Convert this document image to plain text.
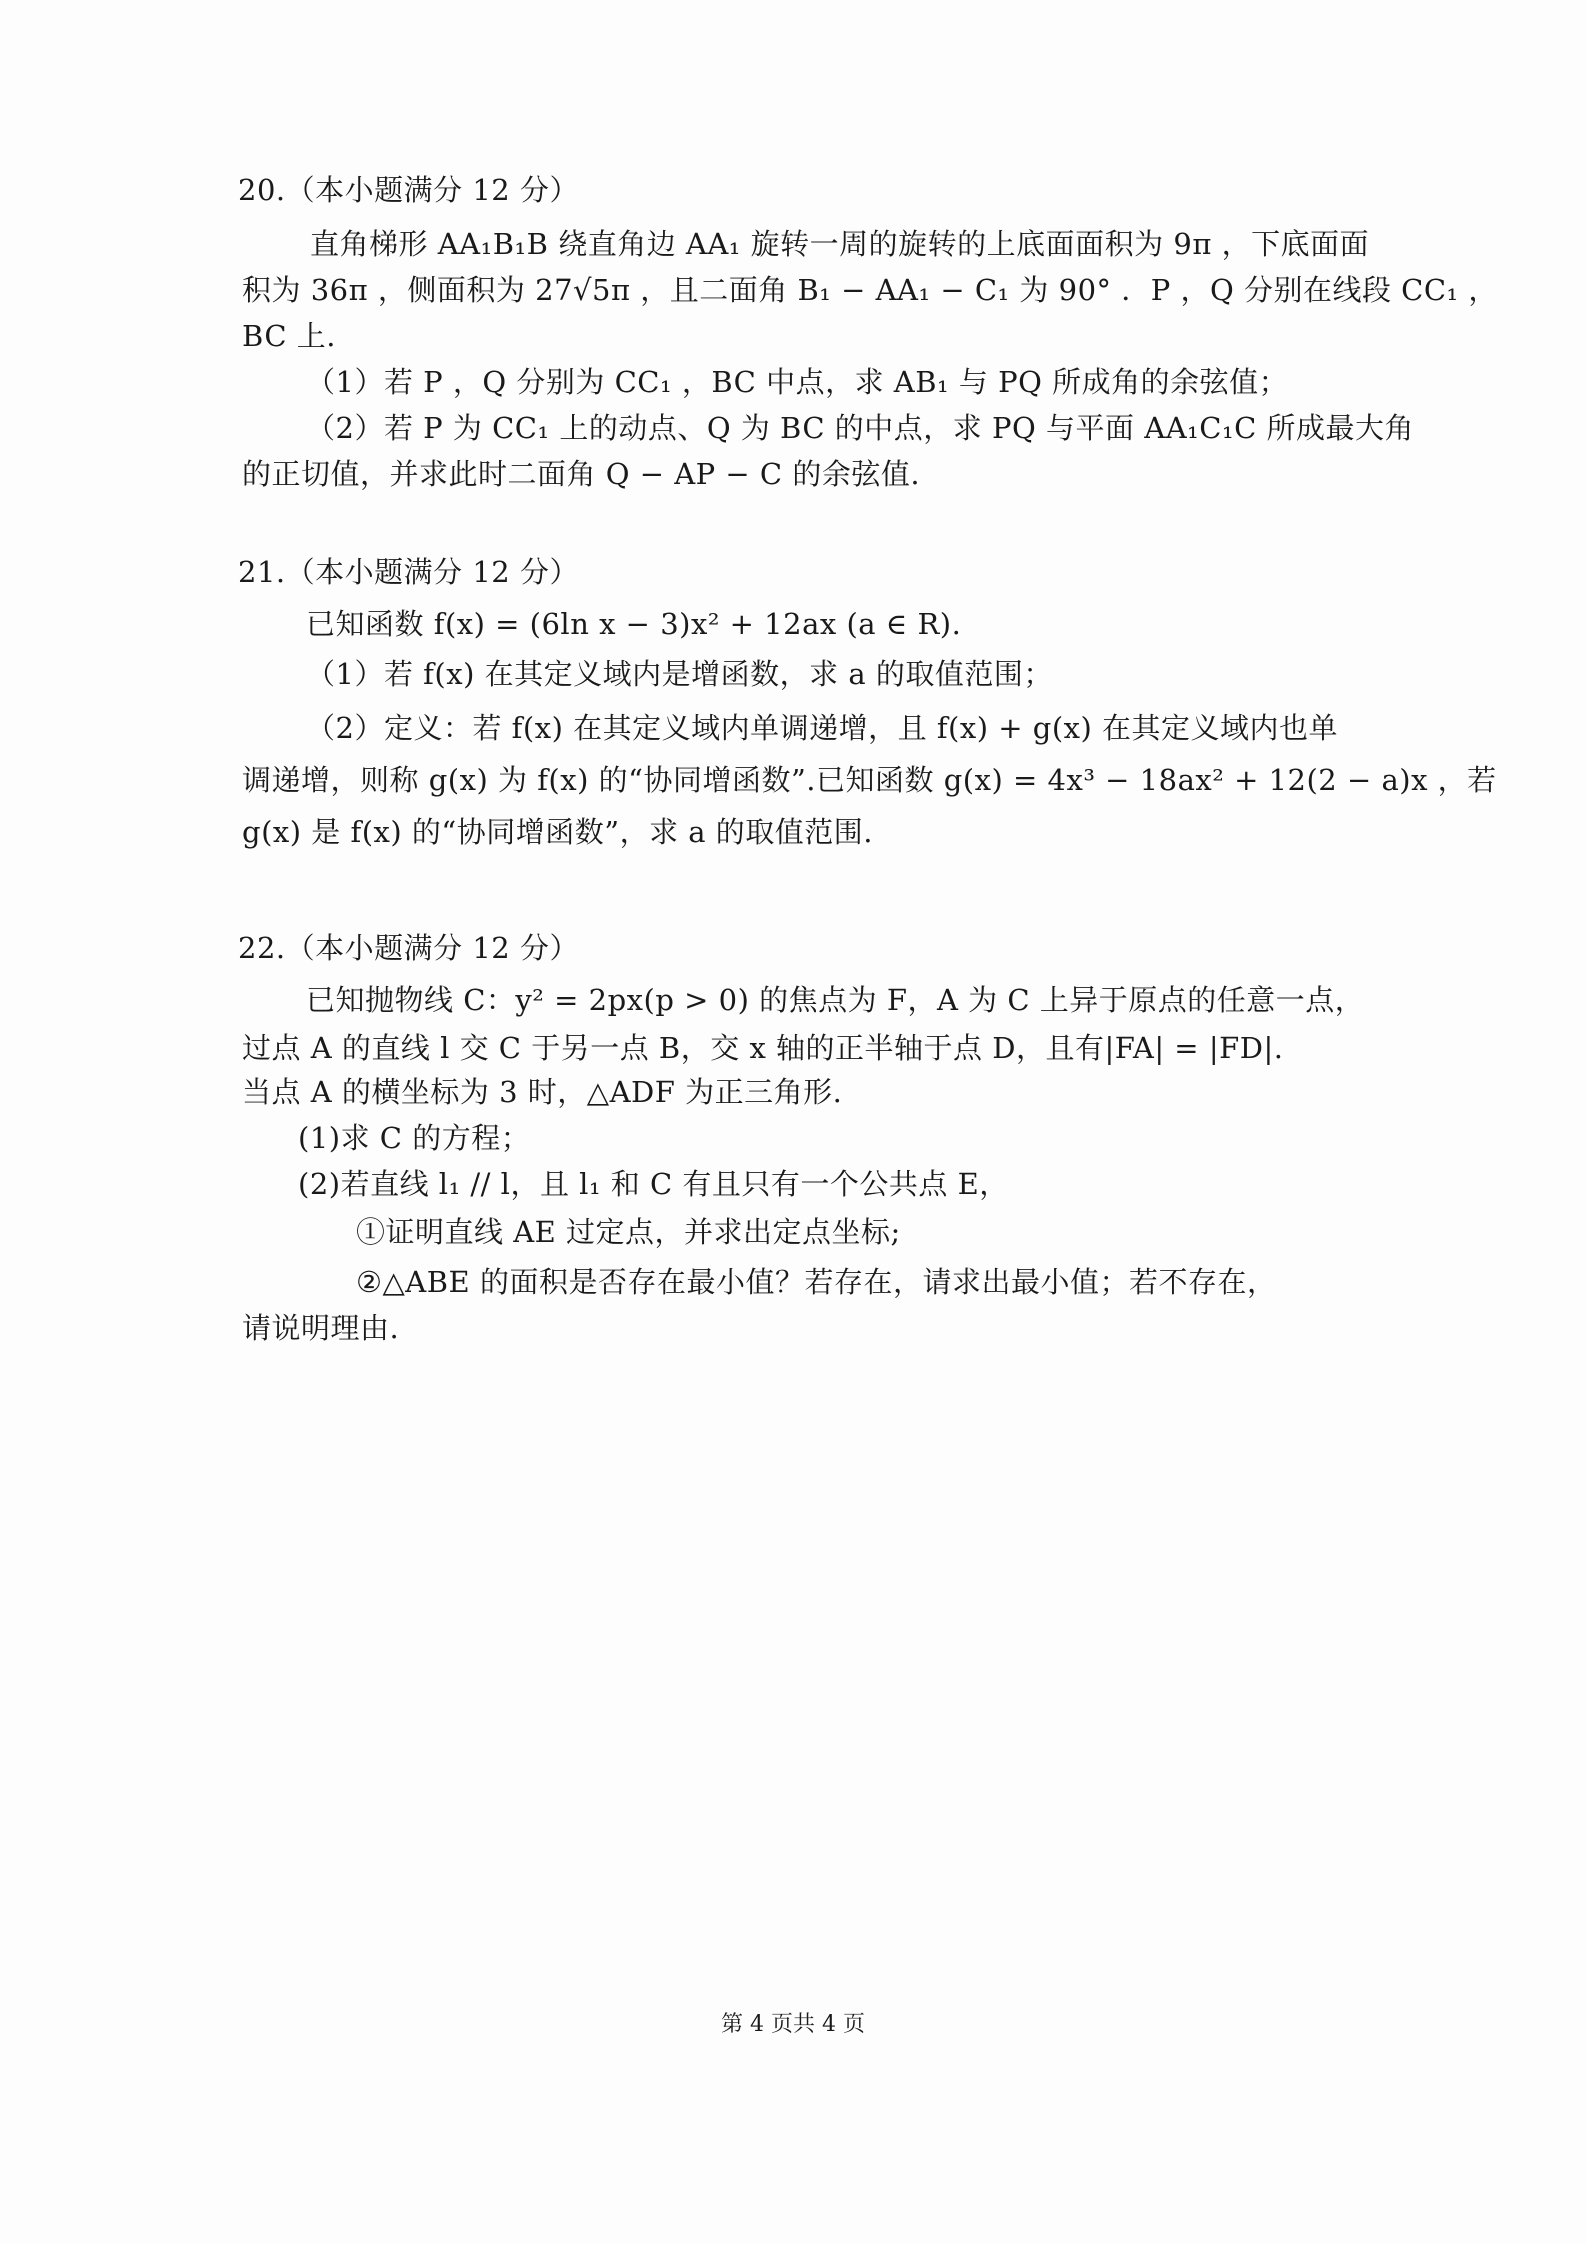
20.（本小题满分 12 分）
直角梯形 AA₁B₁B 绕直角边 AA₁ 旋转一周的旋转的上底面面积为 9π ，下底面面
积为 36π ，侧面积为 27√5π ，且二面角 B₁ − AA₁ − C₁ 为 90° ．P ，Q 分别在线段 CC₁ ，
BC 上.
（1）若 P ，Q 分别为 CC₁ ，BC 中点，求 AB₁ 与 PQ 所成角的余弦值；
（2）若 P 为 CC₁ 上的动点、Q 为 BC 的中点，求 PQ 与平面 AA₁C₁C 所成最大角
的正切值，并求此时二面角 Q − AP − C 的余弦值.
21.（本小题满分 12 分）
已知函数 f(x) = (6ln x − 3)x² + 12ax (a ∈ R).
（1）若 f(x) 在其定义域内是增函数，求 a 的取值范围；
（2）定义：若 f(x) 在其定义域内单调递增，且 f(x) + g(x) 在其定义域内也单
调递增，则称 g(x) 为 f(x) 的“协同增函数”.已知函数 g(x) = 4x³ − 18ax² + 12(2 − a)x ，若
g(x) 是 f(x) 的“协同增函数”，求 a 的取值范围.
22.（本小题满分 12 分）
已知抛物线 C：y² = 2px(p > 0) 的焦点为 F，A 为 C 上异于原点的任意一点，
过点 A 的直线 l 交 C 于另一点 B，交 x 轴的正半轴于点 D，且有|FA| = |FD|.
当点 A 的横坐标为 3 时，△ADF 为正三角形.
(1)求 C 的方程；
(2)若直线 l₁ // l，且 l₁ 和 C 有且只有一个公共点 E，
①证明直线 AE 过定点，并求出定点坐标;
②△ABE 的面积是否存在最小值？若存在，请求出最小值；若不存在，
请说明理由.
第 4 页共 4 页
